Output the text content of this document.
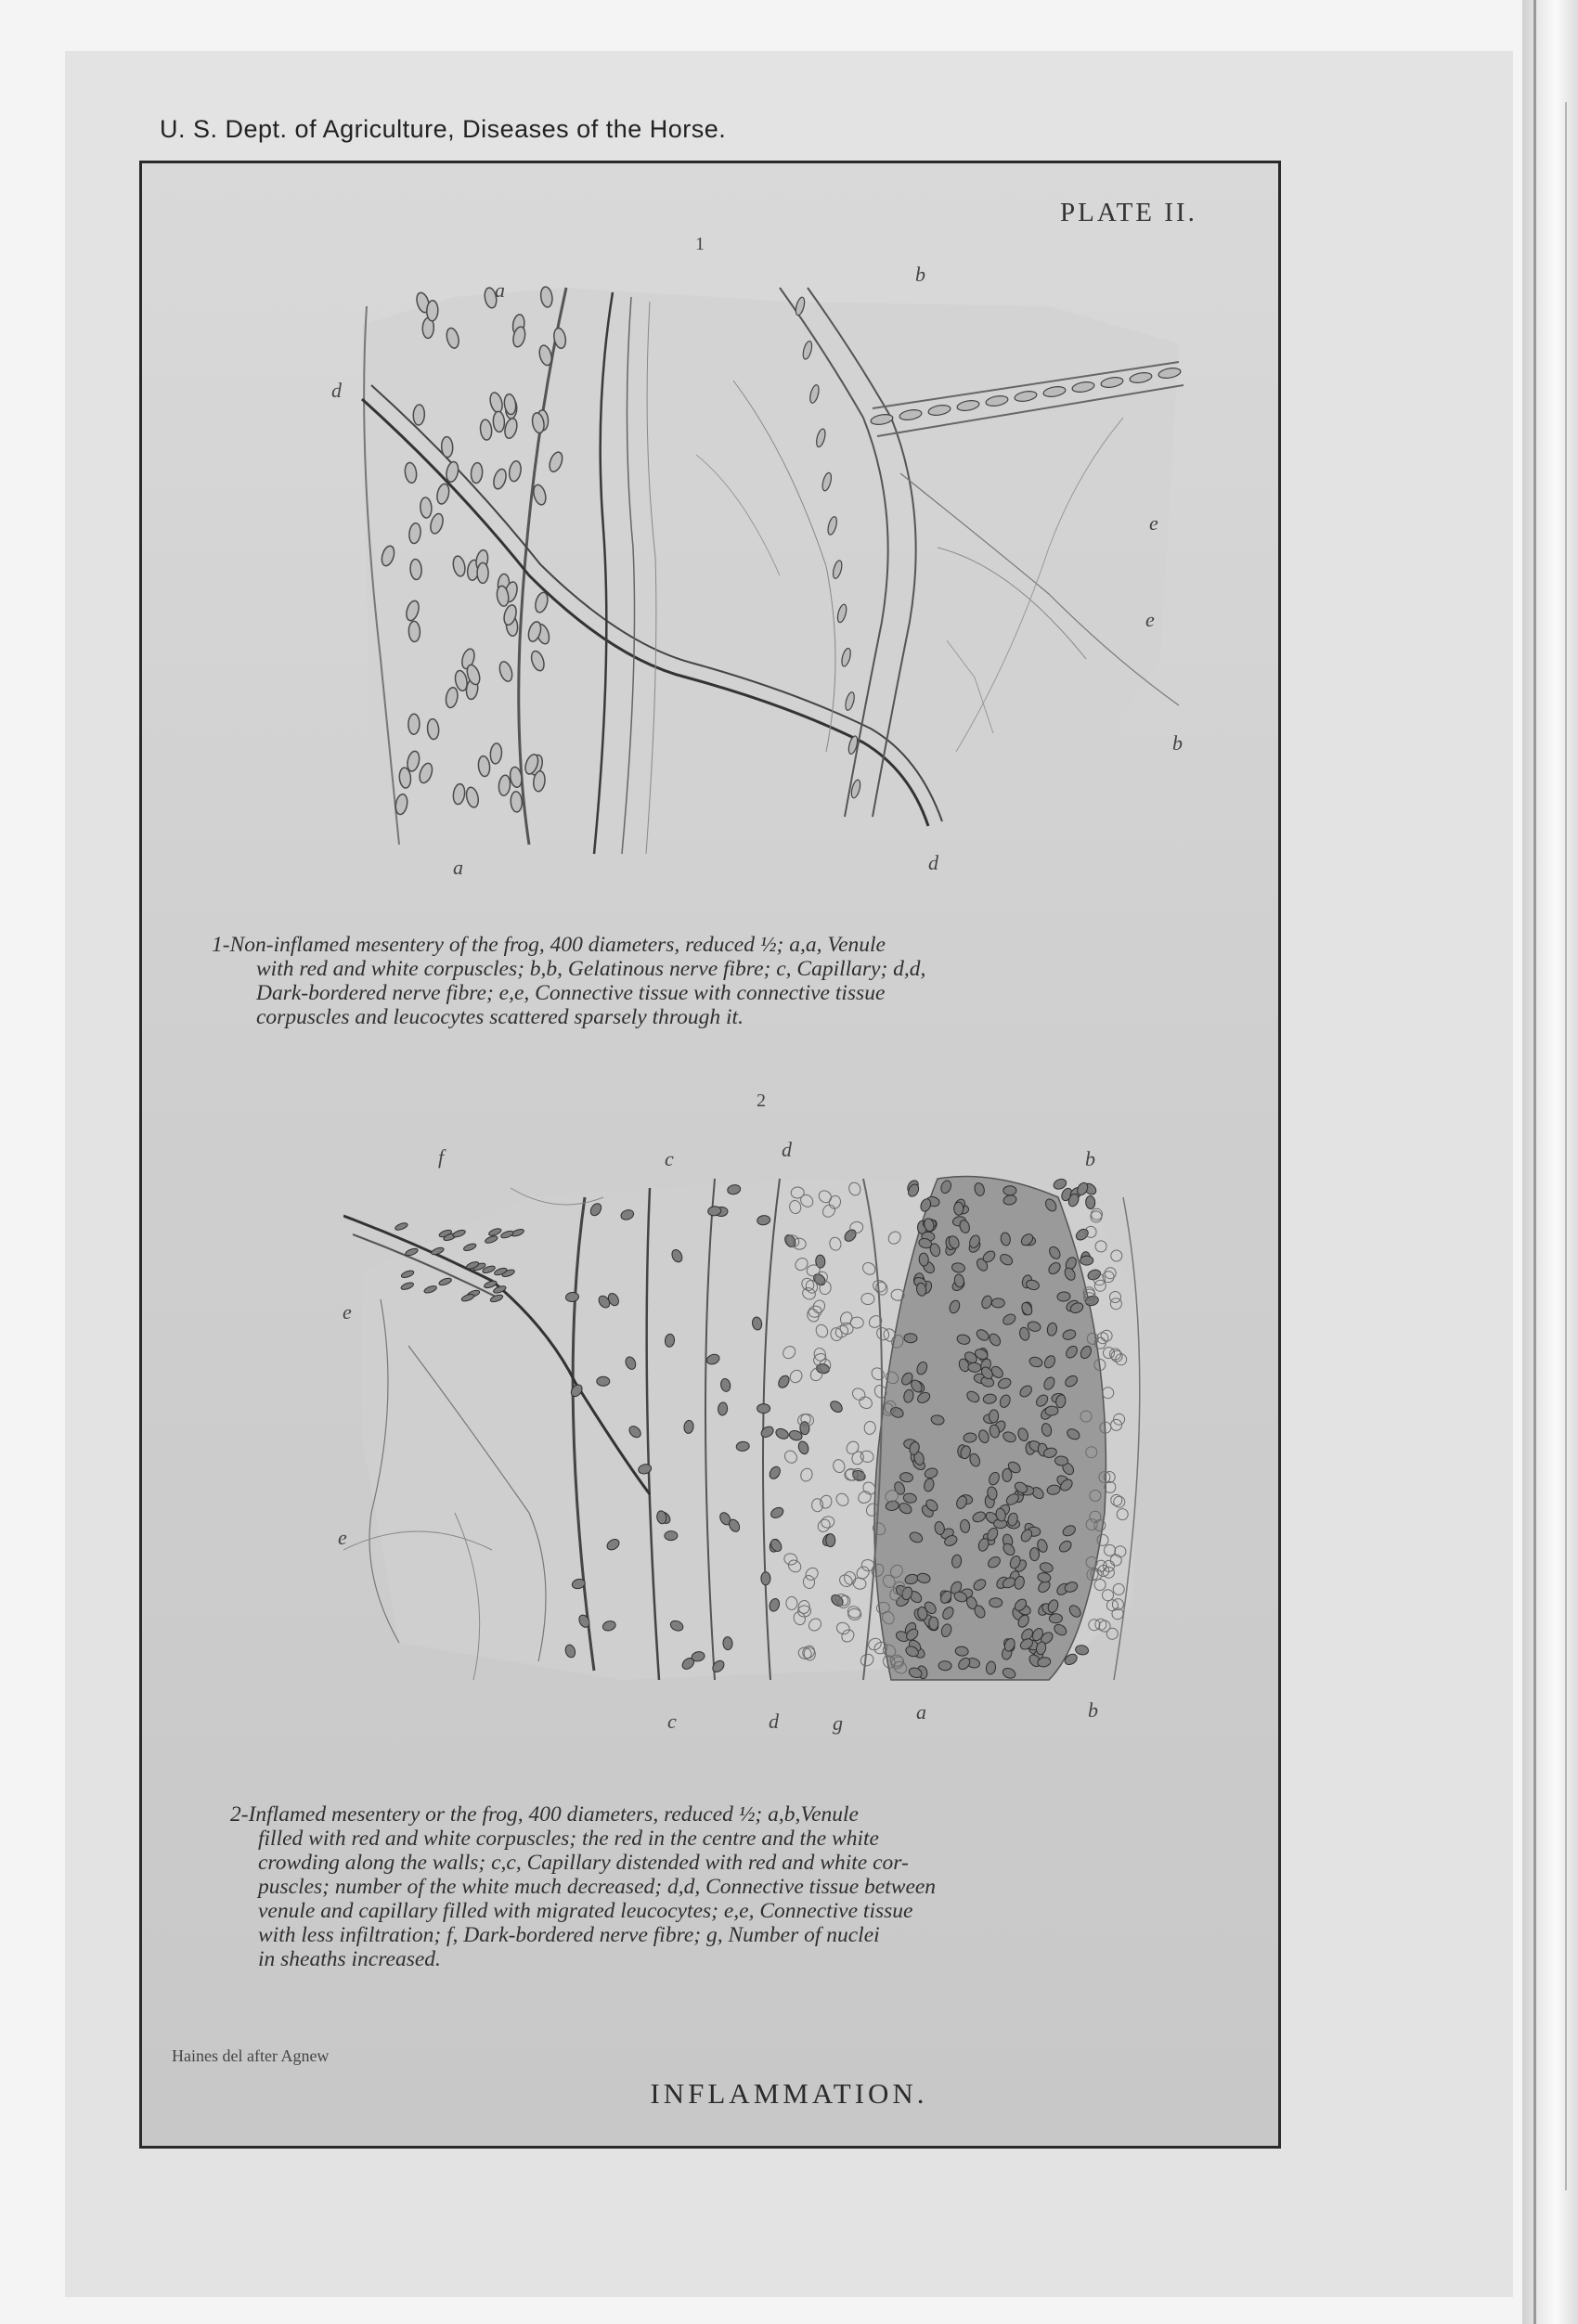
U. S. Dept. of Agriculture, Diseases of the Horse.
PLATE II.
1
a
d
b
e
e
b
a	d
1-Non-inflamed mesentery of the frog, 400 diameters, reduced ½; a,a, Venule
with red and white corpuscles; b,b, Gelatinous nerve fibre; c, Capillary; d,d,
Dark-bordered nerve fibre; e,e, Connective tissue with connective tissue
corpuscles and leucocytes scattered sparsely through it.
2
f	c	d	b
e
e
c	d	g	a	b
2-Inflamed mesentery or the frog, 400 diameters, reduced ½; a,b,Venule
filled with red and white corpuscles; the red in the centre and the white
crowding along the walls; c,c, Capillary distended with red and white cor-
puscles; number of the white much decreased; d,d, Connective tissue between
venule and capillary filled with migrated leucocytes; e,e, Connective tissue
with less infiltration; f, Dark-bordered nerve fibre; g, Number of nuclei
in sheaths increased.
Haines del after Agnew
INFLAMMATION.
